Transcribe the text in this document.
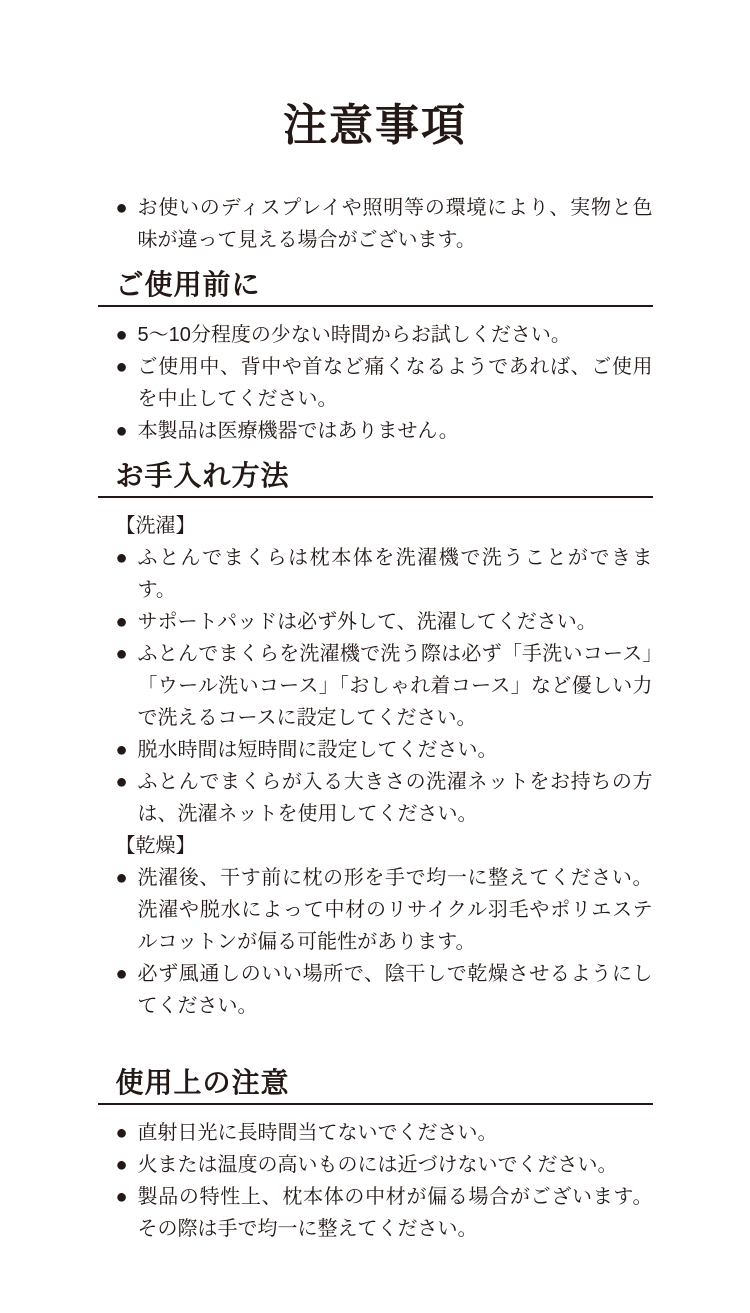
注意事項

● お使いのディスプレイや照明等の環境により、実物と色味が違って見える場合がございます。

ご使用前に

● 5〜10分程度の少ない時間からお試しください。

● ご使用中、背中や首など痛くなるようであれば、ご使用を中止してください。

● 本製品は医療機器ではありません。

お手入れ方法

【洗濯】

● ふとんでまくらは枕本体を洗濯機で洗うことができます。

● サポートパッドは必ず外して、洗濯してください。

● ふとんでまくらを洗濯機で洗う際は必ず「手洗いコース」「ウール洗いコース」「おしゃれ着コース」など優しい力で洗えるコースに設定してください。

● 脱水時間は短時間に設定してください。

● ふとんでまくらが入る大きさの洗濯ネットをお持ちの方は、洗濯ネットを使用してください。

【乾燥】

● 洗濯後、干す前に枕の形を手で均一に整えてください。洗濯や脱水によって中材のリサイクル羽毛やポリエステルコットンが偏る可能性があります。

● 必ず風通しのいい場所で、陰干しで乾燥させるようにしてください。

使用上の注意

● 直射日光に長時間当てないでください。

● 火または温度の高いものには近づけないでください。

● 製品の特性上、枕本体の中材が偏る場合がございます。その際は手で均一に整えてください。
